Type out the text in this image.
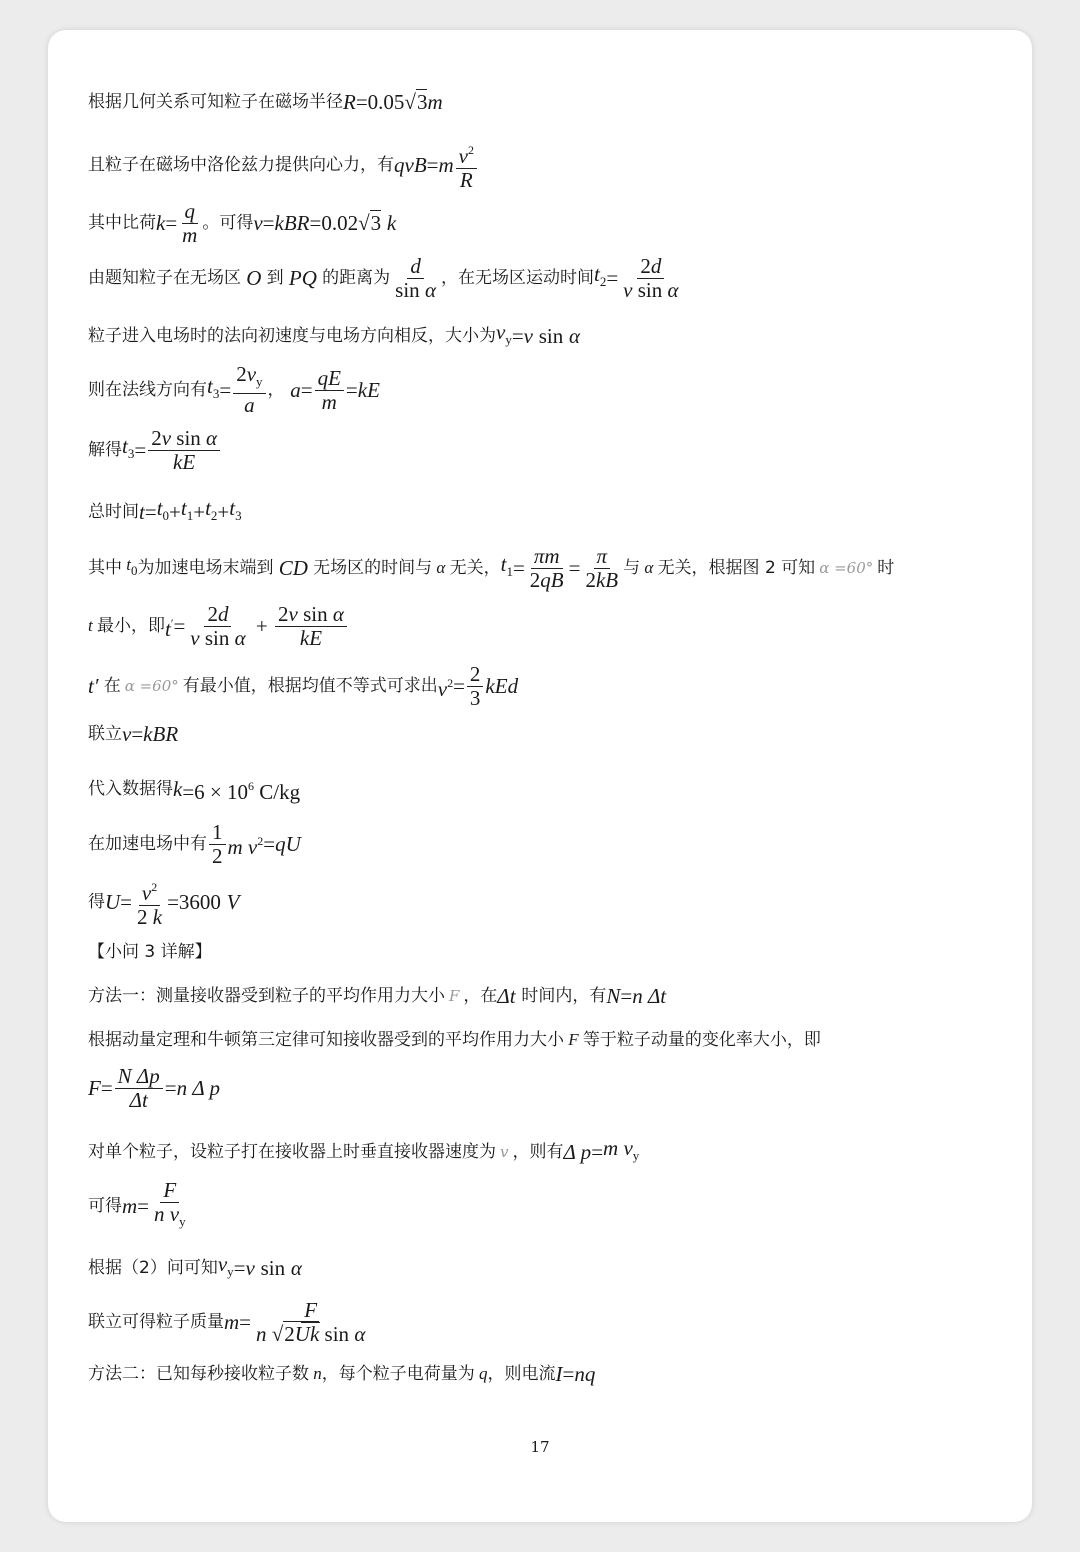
根据几何关系可知粒子在磁场半径 R =0.05 √3 m
且粒子在磁场中洛伦兹力提供向心力，有 qvB = m $\frac{v^2}{R}$
其中比荷 $k = \frac{q}{m}$ 。可得 v = kBR =0.02 √3
k
由题知粒子在无场区 O 到 PQ 的距离为 $\frac{d}{\text{sin α}}$ ，在无场区运动时间 $t_2 = \frac{2d}{\text{v sin α}}$
粒子进入电场时的法向初速度与电场方向相反，大小为 $v_y = v$
sin
α
则在法线方向有 $t_3 = \frac{2v_y}{a}$ ，
$a = \frac{qE}{m}$ = kE
解得 $t_3 = \frac{\text{2v sin α}}{kE}$
总时间 $t = t_0 + t_1 + t_2 + t_3$
其中 $t_0$ 为加速电场末端到 CD 无场区的时间与 α 无关， $t_1 = \frac{\pi m}{2qB} = \frac{\pi}{2kB}$ 与 α 无关，根据图 2 可知 α =60° 时
t 最小，即 $t' = \frac{2d}{\text{v sin α}} + \frac{\text{2v sin α}}{kE}$
t′ 在 α =60° 有最小值，根据均值不等式可求出 $v^2 = \frac{2}{3}$ kEd
联立 v = kBR
代入数据得 $k =6 \times 10^6$ C/kg
在加速电场中有 $\frac{1}{2}$ m $v^2$ = qU
得 $U = \frac{v^2}{2 k} =3600$
V
【小问 3 详解】
方法一：测量接收器受到粒子的平均作用力大小 F ，在 Δt
时间内，有 N = n Δt
根据动量定理和牛顿第三定律可知接收器受到的平均作用力大小 F 等于粒子动量的变化率大小，即
$F = \frac{\text{N Δp}}{\Delta t} = n$ Δ p
对单个粒子，设粒子打在接收器上时垂直接收器速度为 v ，则有 Δ p = m $v_y$
可得 $m = \frac{F}{n v_y}$
根据（2）问可知 $v_y = v$
sin
α
联立可得粒子质量 $m = \frac{F}{\text{n √2Uk sin α}}$
方法二：已知每秒接收粒子数 n ，每个粒子电荷量为 q ，则电流 I = nq
17
